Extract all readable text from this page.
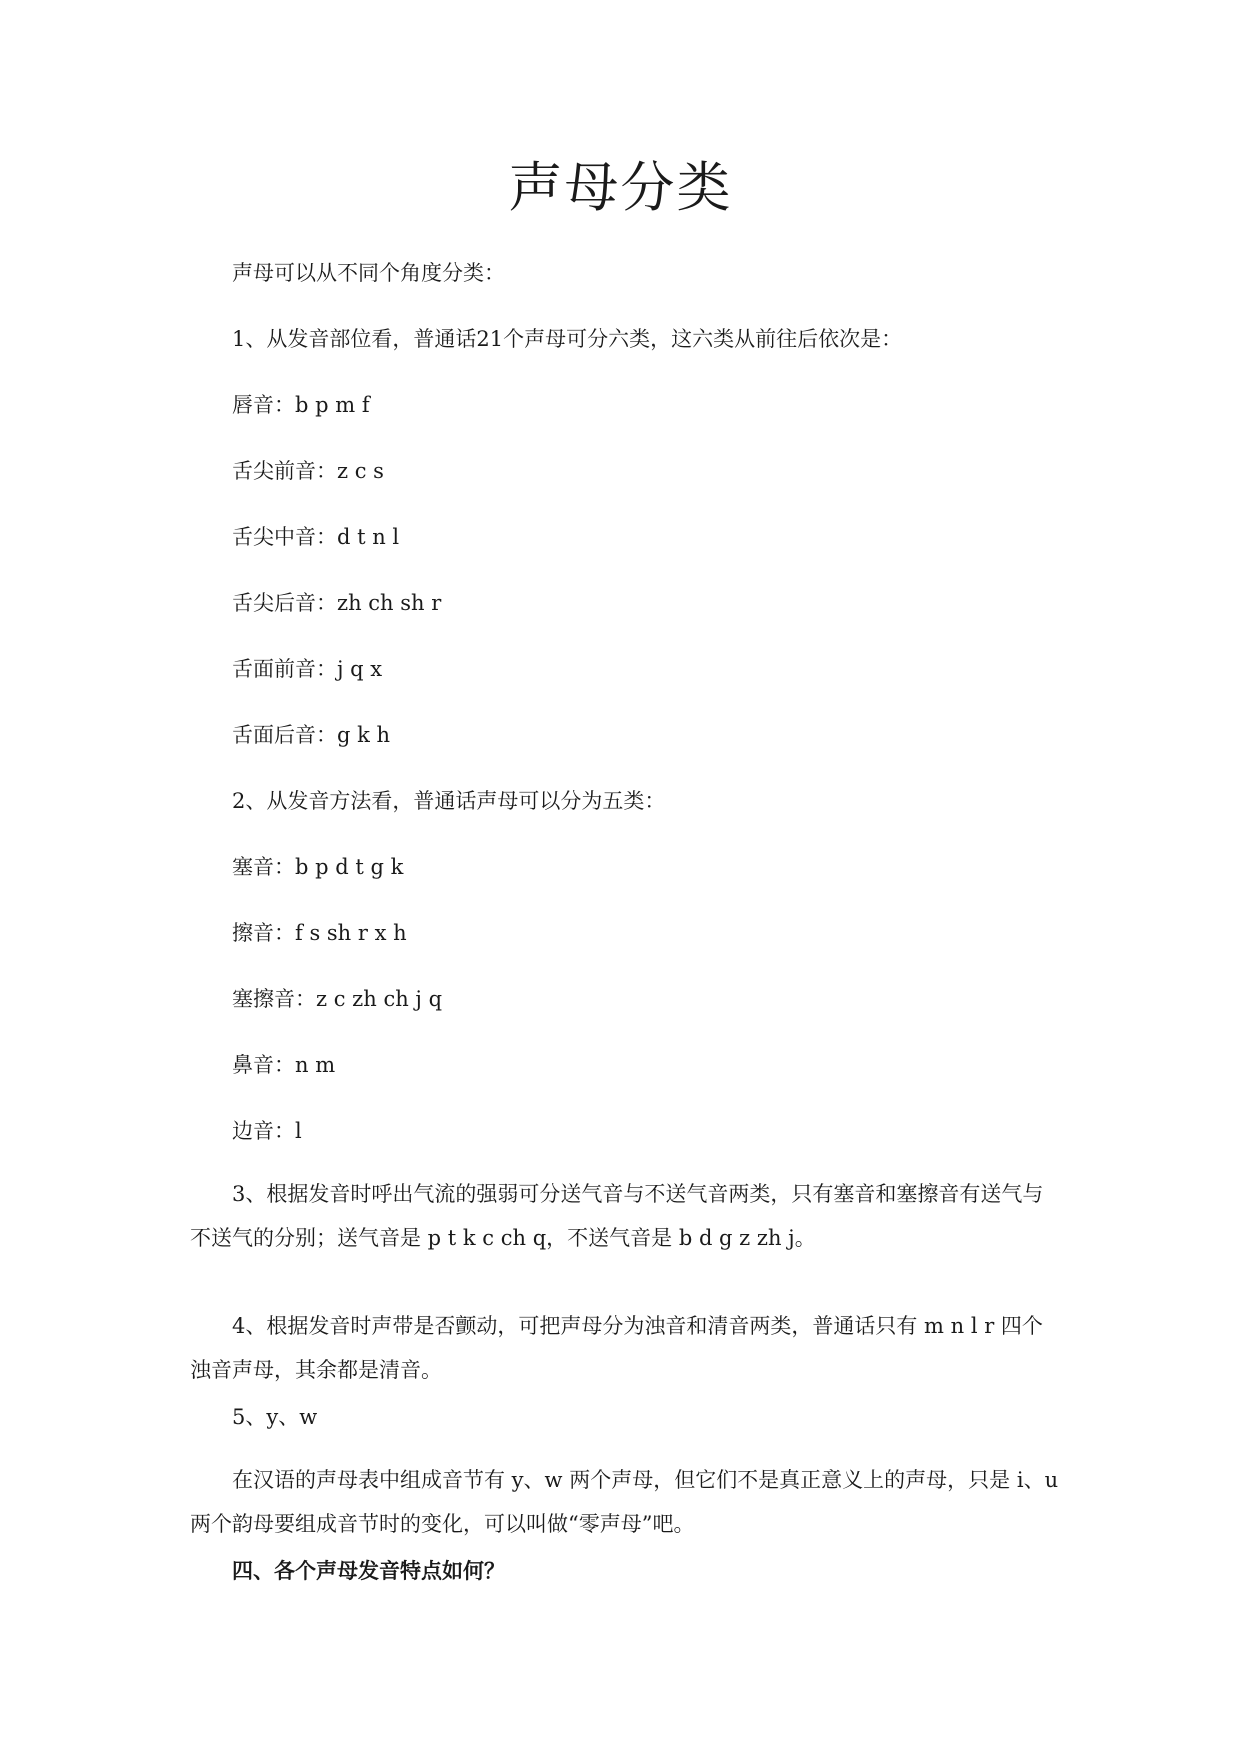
声母分类
声母可以从不同个角度分类：
1、从发音部位看，普通话21个声母可分六类，这六类从前往后依次是：
唇音：b p m f
舌尖前音：z c s
舌尖中音：d t n l
舌尖后音：zh ch sh r
舌面前音：j q x
舌面后音：g k h
2、从发音方法看，普通话声母可以分为五类：
塞音：b p d t g k
擦音：f s sh r x h
塞擦音：z c zh ch j q
鼻音：n m
边音：l
3、根据发音时呼出气流的强弱可分送气音与不送气音两类，只有塞音和塞擦音有送气与不送气的分别；送气音是 p t k c ch q，不送气音是 b d g z zh j。
4、根据发音时声带是否颤动，可把声母分为浊音和清音两类，普通话只有 m n l r 四个浊音声母，其余都是清音。
5、y、w
在汉语的声母表中组成音节有 y、w 两个声母，但它们不是真正意义上的声母，只是 i、u 两个韵母要组成音节时的变化，可以叫做“零声母”吧。
四、各个声母发音特点如何？
